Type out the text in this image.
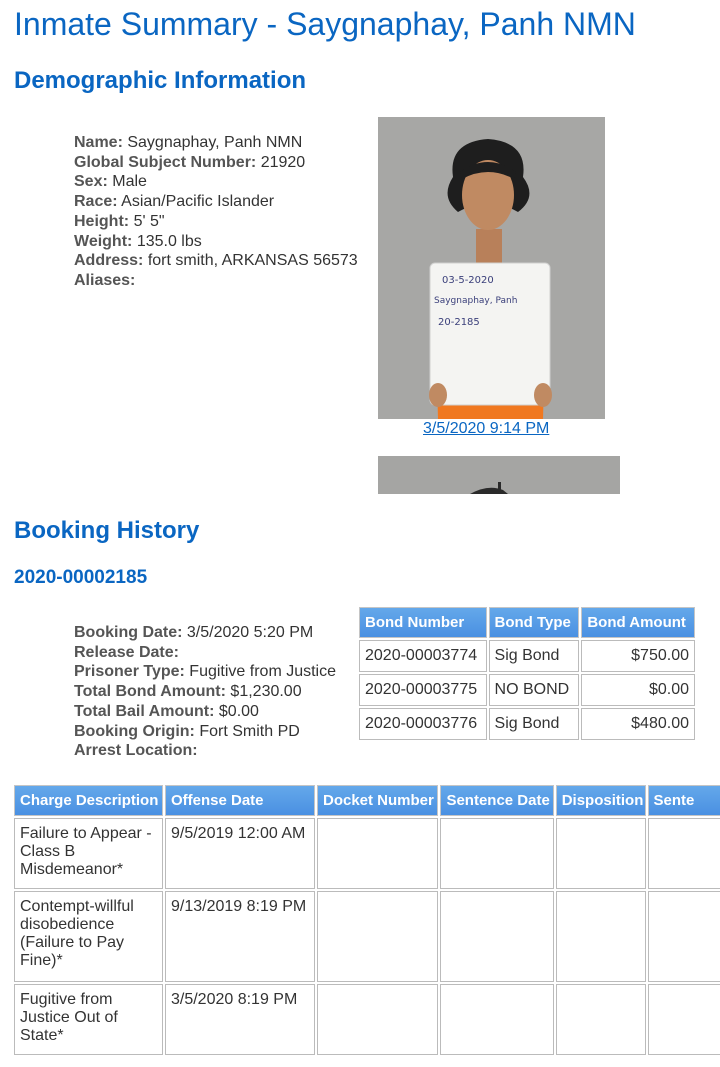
Inmate Summary - Saygnaphay, Panh NMN
Demographic Information
Name: Saygnaphay, Panh NMN
Global Subject Number: 21920
Sex: Male
Race: Asian/Pacific Islander
Height: 5' 5"
Weight: 135.0 lbs
Address: fort smith, ARKANSAS 56573
Aliases:	03-5-2020
Saygnaphay, Panh
20-2185
3/5/2020 9:14 PM
Booking History
2020-00002185
Booking Date: 3/5/2020 5:20 PM
Release Date:
Prisoner Type: Fugitive from Justice
Total Bond Amount: $1,230.00
Total Bail Amount: $0.00
Booking Origin: Fort Smith PD
Arrest Location:
Bond Number	Bond Type	Bond Amount
2020-00003774	Sig Bond	$750.00
2020-00003775	NO BOND	$0.00
2020-00003776	Sig Bond	$480.00
Charge Description	Offense Date	Docket Number	Sentence Date	Disposition	Sente
Failure to Appear - Class B Misdemeanor*	9/5/2019 12:00 AM				
Contempt-willful disobedience (Failure to Pay Fine)*	9/13/2019 8:19 PM				
Fugitive from Justice Out of State*	3/5/2020 8:19 PM				
